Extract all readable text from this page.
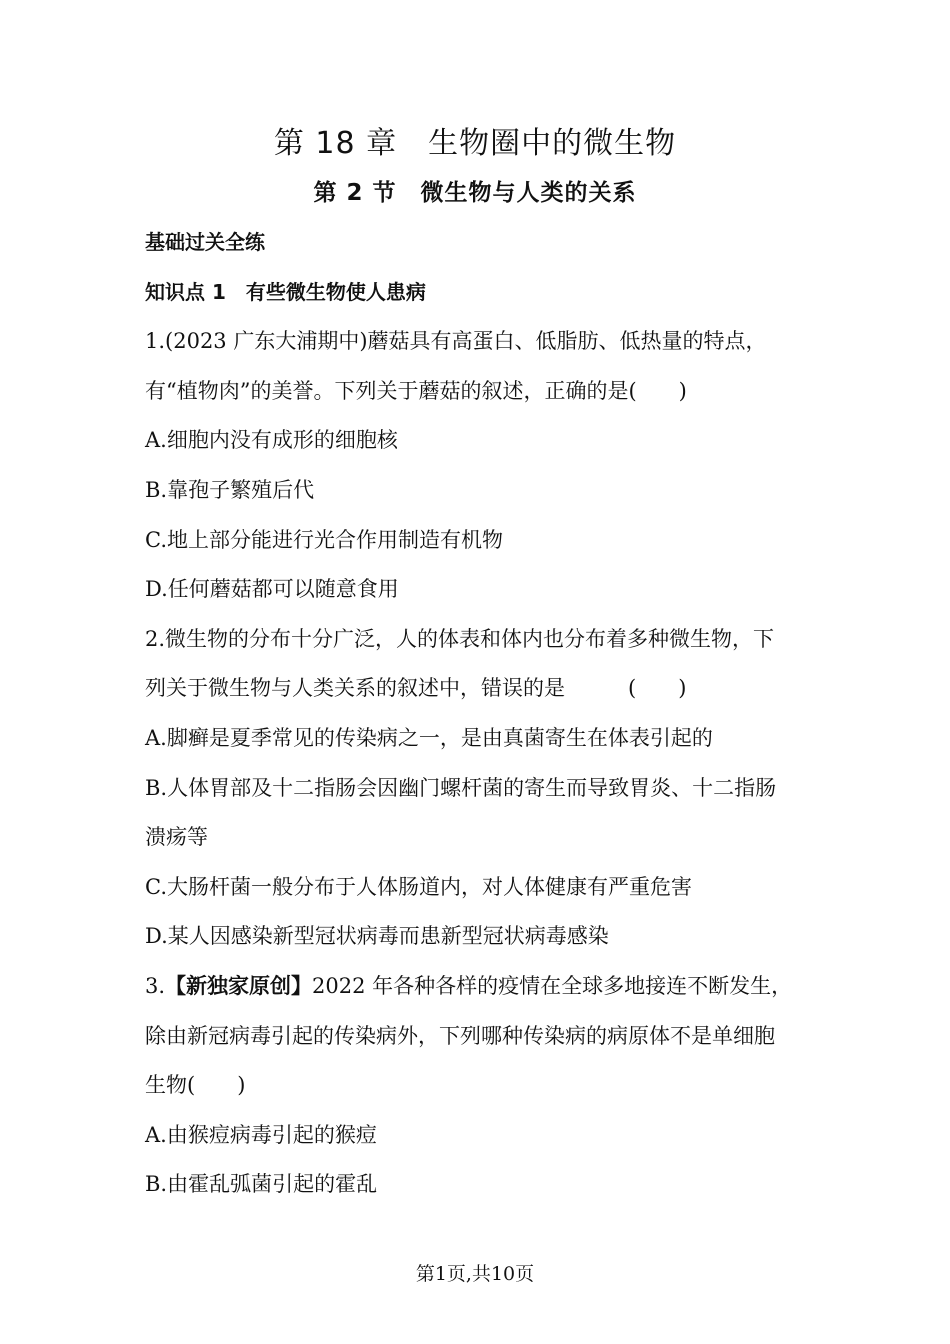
第 18 章　生物圈中的微生物
第 2 节　微生物与人类的关系
基础过关全练
知识点 1　有些微生物使人患病
1.(2023 广东大浦期中)蘑菇具有高蛋白、低脂肪、低热量的特点，
有“植物肉”的美誉。下列关于蘑菇的叙述，正确的是(　　)
A.细胞内没有成形的细胞核
B.靠孢子繁殖后代
C.地上部分能进行光合作用制造有机物
D.任何蘑菇都可以随意食用
2.微生物的分布十分广泛，人的体表和体内也分布着多种微生物，下
列关于微生物与人类关系的叙述中，错误的是　　　(　　)
A.脚癣是夏季常见的传染病之一，是由真菌寄生在体表引起的
B.人体胃部及十二指肠会因幽门螺杆菌的寄生而导致胃炎、十二指肠
溃疡等
C.大肠杆菌一般分布于人体肠道内，对人体健康有严重危害
D.某人因感染新型冠状病毒而患新型冠状病毒感染
3.【新独家原创】2022 年各种各样的疫情在全球多地接连不断发生，
除由新冠病毒引起的传染病外，下列哪种传染病的病原体不是单细胞
生物(　　)
A.由猴痘病毒引起的猴痘
B.由霍乱弧菌引起的霍乱
第1页,共10页
